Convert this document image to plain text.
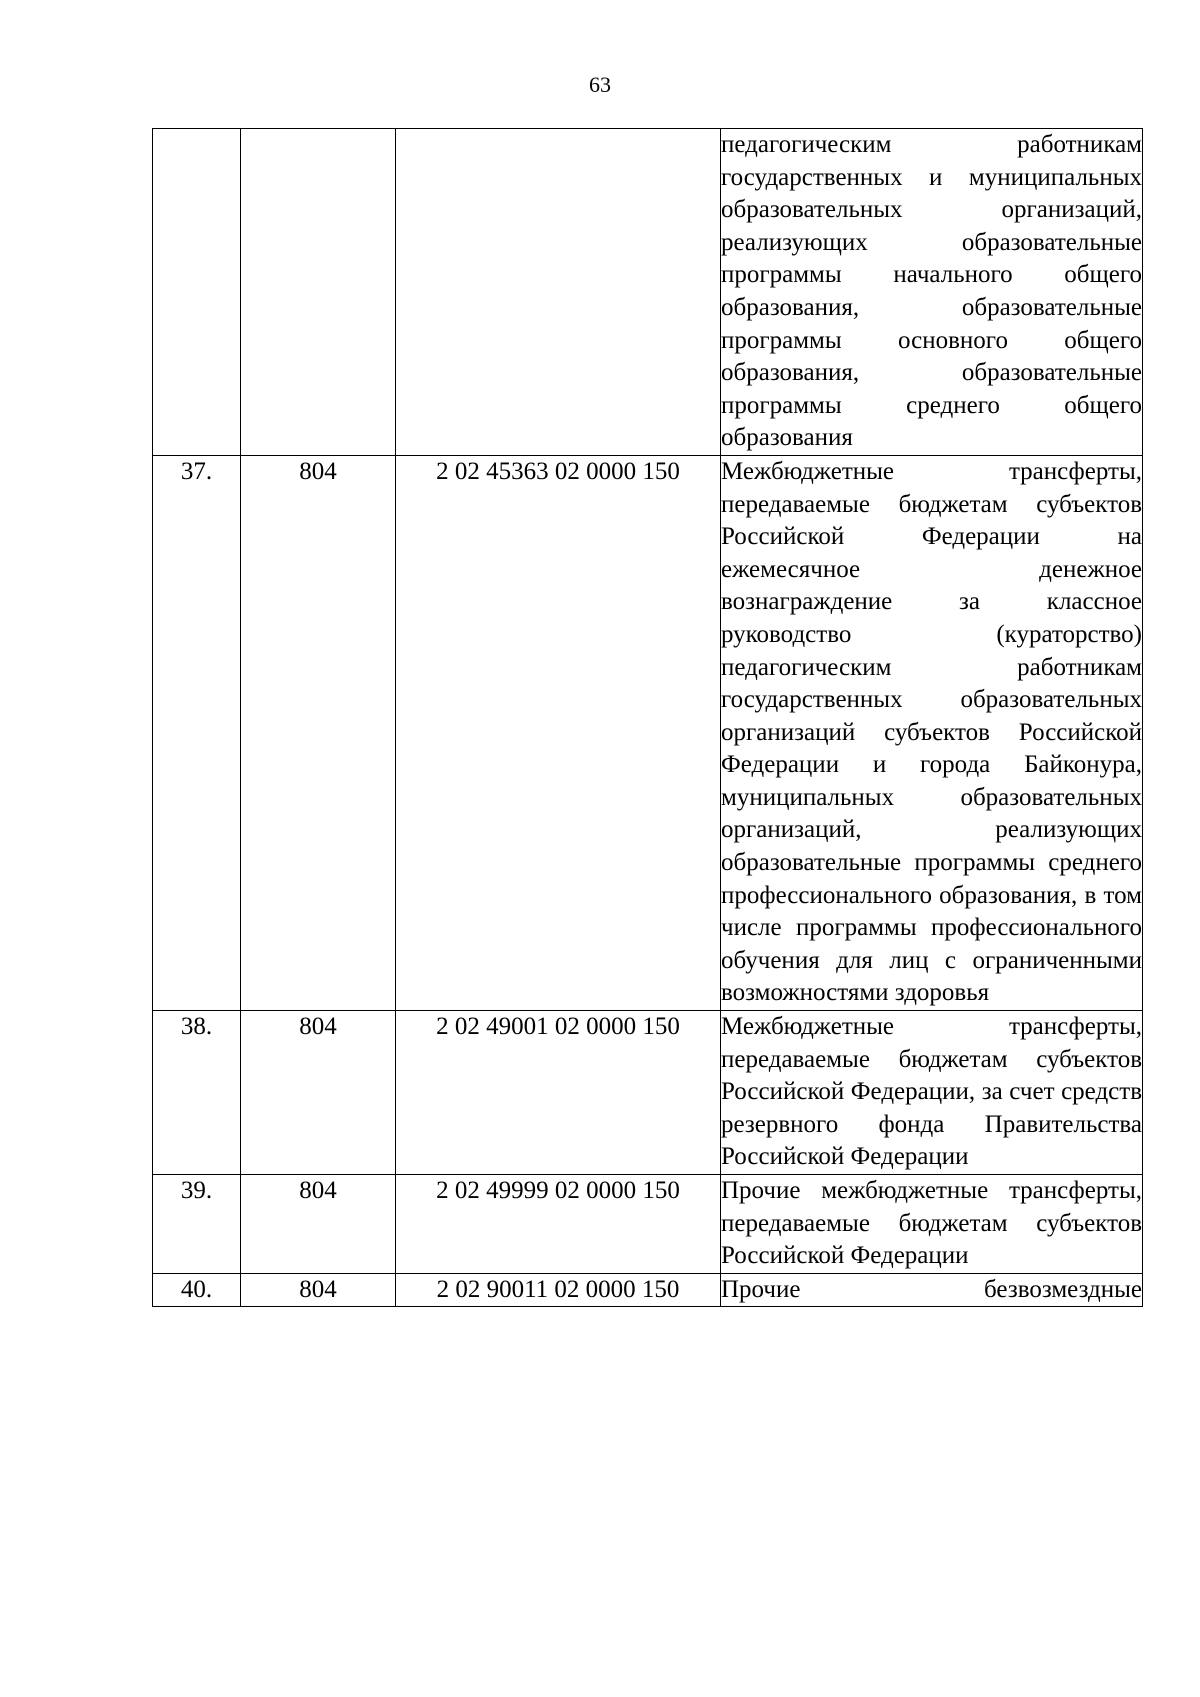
63

			педагогическим работникам государственных и муниципальных образовательных организаций, реализующих образовательные программы начального общего образования, образовательные программы основного общего образования, образовательные программы среднего общего образования

37.	804	2 02 45363 02 0000 150	Межбюджетные трансферты, передаваемые бюджетам субъектов Российской Федерации на ежемесячное денежное вознаграждение за классное руководство (кураторство) педагогическим работникам государственных образовательных организаций субъектов Российской Федерации и города Байконура, муниципальных образовательных организаций, реализующих образовательные программы среднего профессионального образования, в том числе программы профессионального обучения для лиц с ограниченными возможностями здоровья

38.	804	2 02 49001 02 0000 150	Межбюджетные трансферты, передаваемые бюджетам субъектов Российской Федерации, за счет средств резервного фонда Правительства Российской Федерации

39.	804	2 02 49999 02 0000 150	Прочие межбюджетные трансферты, передаваемые бюджетам субъектов Российской Федерации

40.	804	2 02 90011 02 0000 150	Прочие безвозмездные
